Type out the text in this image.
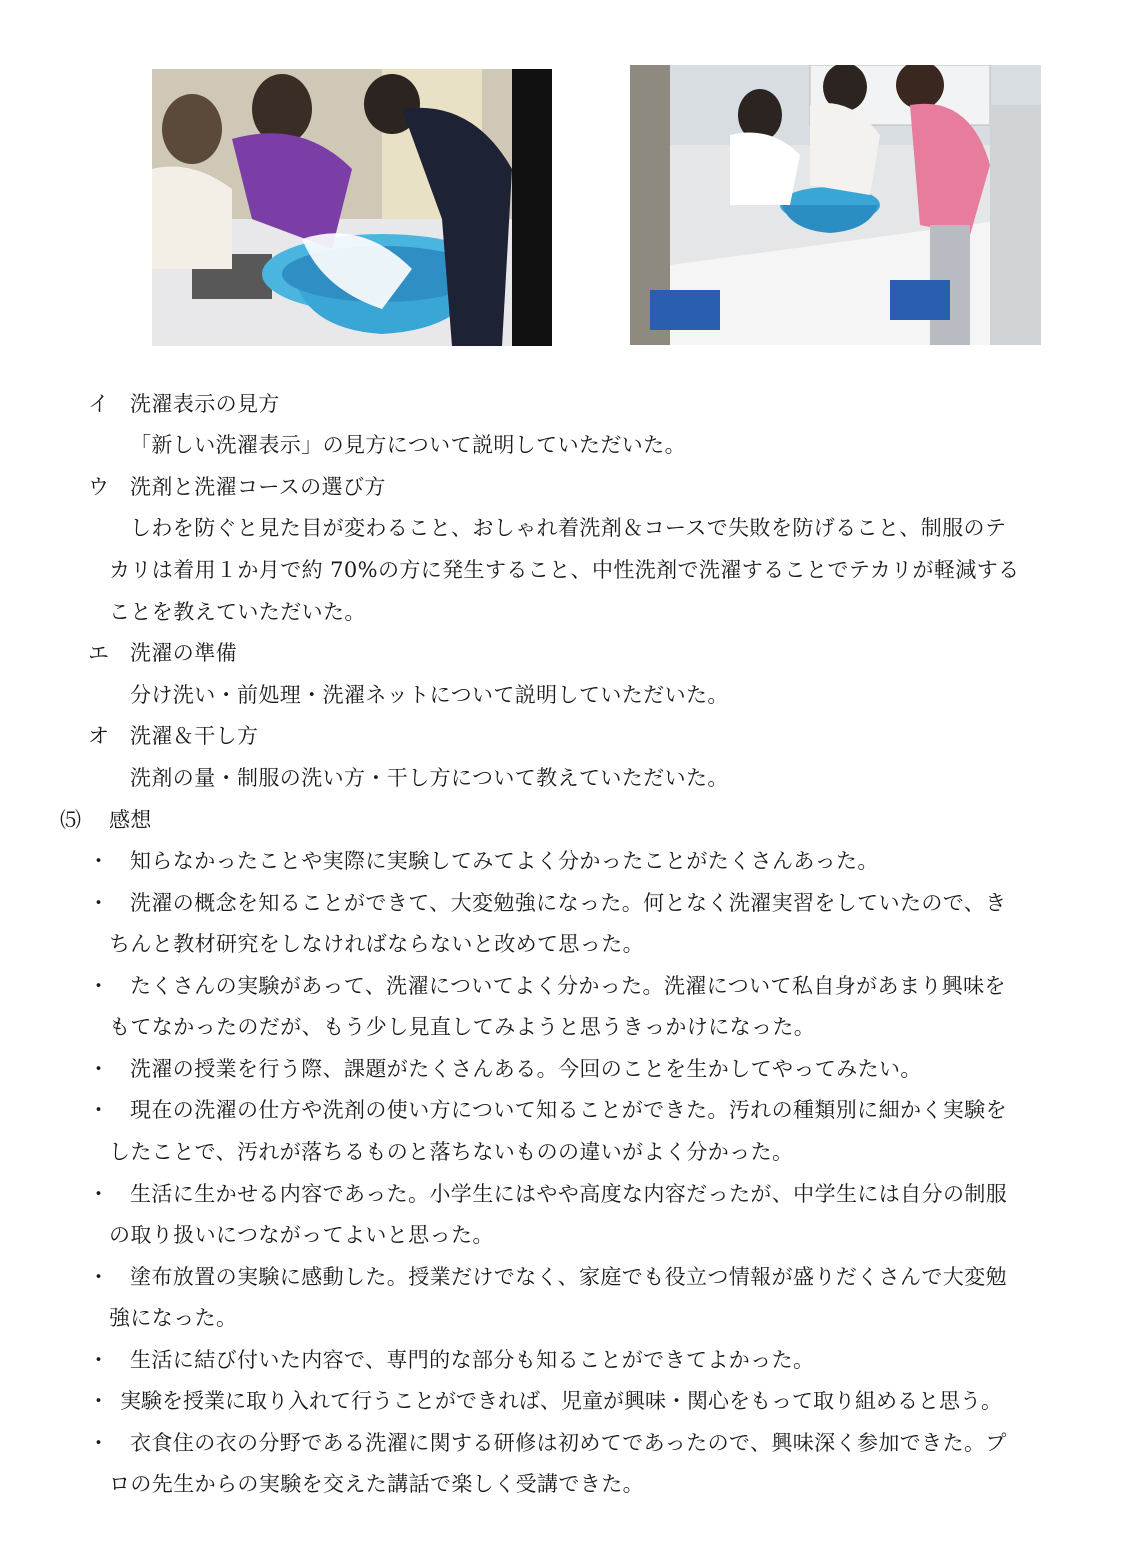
イ 洗濯表示の見方
「新しい洗濯表示」の見方について説明していただいた。
ウ 洗剤と洗濯コースの選び方
しわを防ぐと見た目が変わること、おしゃれ着洗剤＆コースで失敗を防げること、制服のテ
カリは着用１か月で約 70%の方に発生すること、中性洗剤で洗濯することでテカリが軽減する
ことを教えていただいた。
エ 洗濯の準備
分け洗い・前処理・洗濯ネットについて説明していただいた。
オ 洗濯＆干し方
洗剤の量・制服の洗い方・干し方について教えていただいた。
⑸ 感想
・ 知らなかったことや実際に実験してみてよく分かったことがたくさんあった。
・ 洗濯の概念を知ることができて、大変勉強になった。何となく洗濯実習をしていたので、き
ちんと教材研究をしなければならないと改めて思った。
・ たくさんの実験があって、洗濯についてよく分かった。洗濯について私自身があまり興味を
もてなかったのだが、もう少し見直してみようと思うきっかけになった。
・ 洗濯の授業を行う際、課題がたくさんある。今回のことを生かしてやってみたい。
・ 現在の洗濯の仕方や洗剤の使い方について知ることができた。汚れの種類別に細かく実験を
したことで、汚れが落ちるものと落ちないものの違いがよく分かった。
・ 生活に生かせる内容であった。小学生にはやや高度な内容だったが、中学生には自分の制服
の取り扱いにつながってよいと思った。
・ 塗布放置の実験に感動した。授業だけでなく、家庭でも役立つ情報が盛りだくさんで大変勉
強になった。
・ 生活に結び付いた内容で、専門的な部分も知ることができてよかった。
・ 実験を授業に取り入れて行うことができれば、児童が興味・関心をもって取り組めると思う。
・ 衣食住の衣の分野である洗濯に関する研修は初めてであったので、興味深く参加できた。プ
ロの先生からの実験を交えた講話で楽しく受講できた。
